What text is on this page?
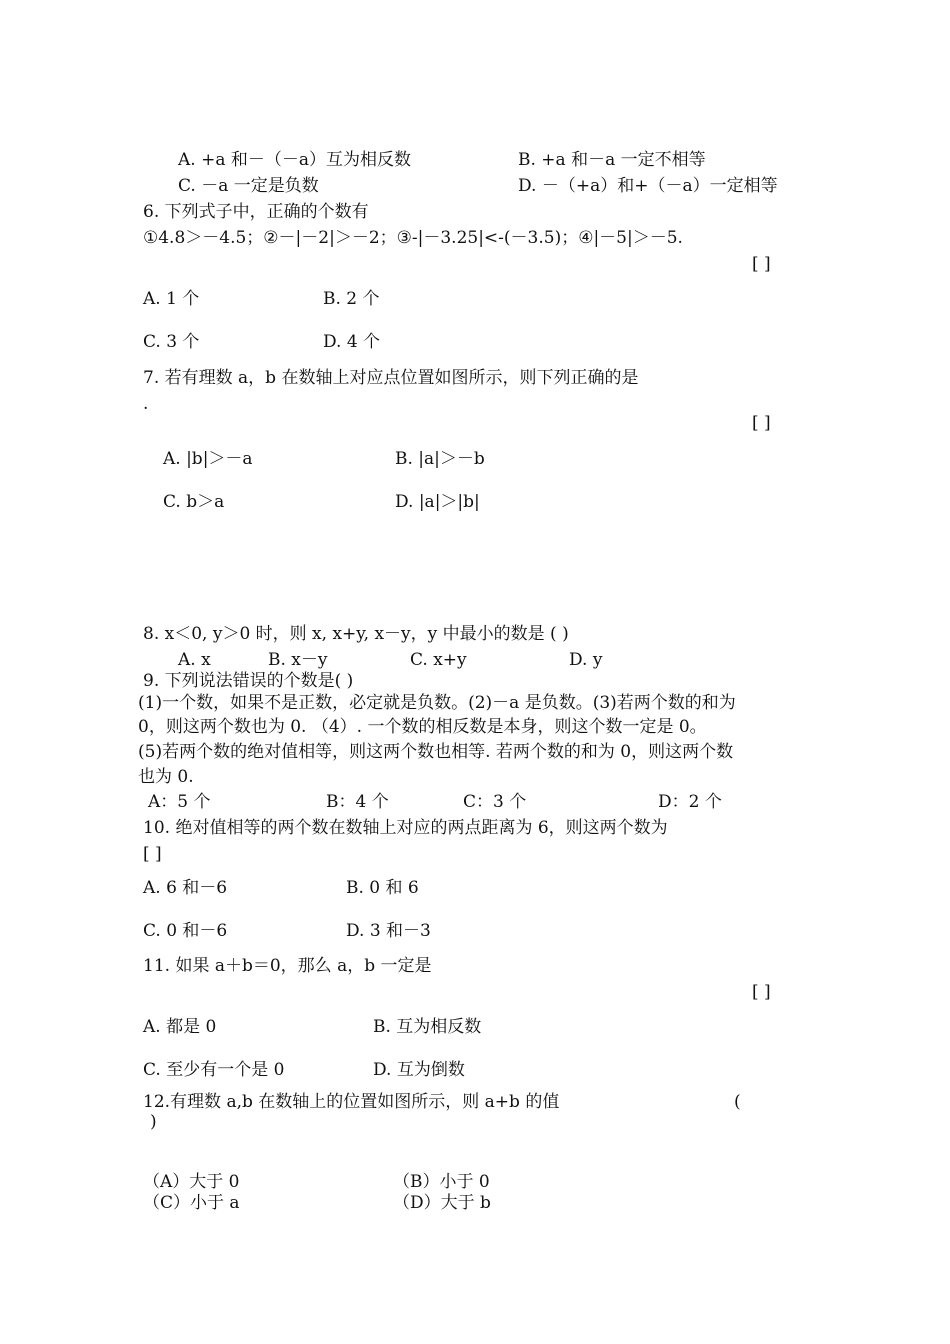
A. +a 和－（－a）互为相反数	B. +a 和－a 一定不相等
C. －a 一定是负数	D. －（+a）和+（－a）一定相等
6. 下列式子中，正确的个数有
①4.8＞－4.5；②－|－2|＞－2；③-|－3.25|<-(－3.5)；④|－5|＞－5.
[ ]
A. 1 个	B. 2 个
C. 3 个	D. 4 个
7. 若有理数 a，b 在数轴上对应点位置如图所示，则下列正确的是
.
[ ]
A. |b|＞－a	B. |a|＞－b
C. b＞a	D. |a|＞|b|
8. x＜0, y＞0 时，则 x, x+y, x－y，y 中最小的数是 ( )
A. x	B. x－y	C. x+y	D. y
9. 下列说法错误的个数是( )
(1)一个数，如果不是正数，必定就是负数。(2)－a 是负数。(3)若两个数的和为
0，则这两个数也为 0. （4）. 一个数的相反数是本身，则这个数一定是 0。
(5)若两个数的绝对值相等，则这两个数也相等. 若两个数的和为 0，则这两个数
也为 0.
A：5 个	B：4 个	C：3 个	D：2 个
10. 绝对值相等的两个数在数轴上对应的两点距离为 6，则这两个数为
[ ]
A. 6 和－6	B. 0 和 6
C. 0 和－6	D. 3 和－3
11. 如果 a＋b＝0，那么 a，b 一定是
[ ]
A. 都是 0	B. 互为相反数
C. 至少有一个是 0	D. 互为倒数
12.有理数 a,b 在数轴上的位置如图所示，则 a+b 的值	(
)
（A）大于 0	（B）小于 0
（C）小于 a	（D）大于 b
